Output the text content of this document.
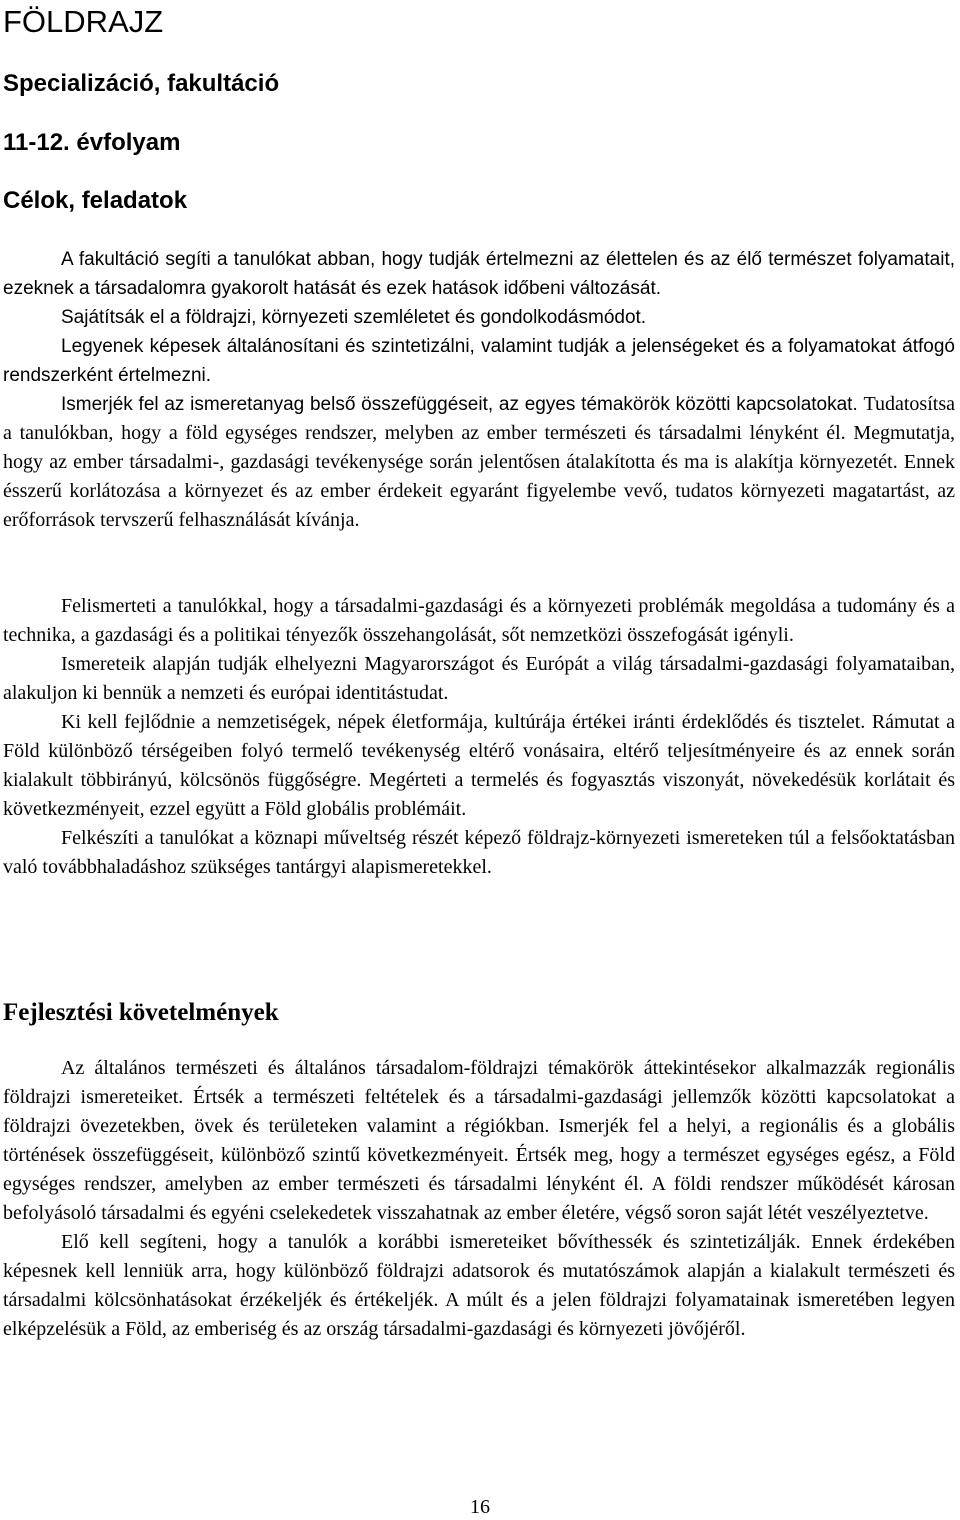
FÖLDRAJZ
Specializáció, fakultáció
11-12. évfolyam
Célok, feladatok

A fakultáció segíti a tanulókat abban, hogy tudják értelmezni az élettelen és az élő természet folyamatait, ezeknek a társadalomra gyakorolt hatását és ezek hatások időbeni változását.

Sajátítsák el a földrajzi, környezeti szemléletet és gondolkodásmódot.

Legyenek képesek általánosítani és szintetizálni, valamint tudják a jelenségeket és a folyamatokat átfogó rendszerként értelmezni.

Ismerjék fel az ismeretanyag belső összefüggéseit, az egyes témakörök közötti kapcsolatokat. Tudatosítsa a tanulókban, hogy a föld egységes rendszer, melyben az ember természeti és társadalmi lényként él. Megmutatja, hogy az ember társadalmi-, gazdasági tevékenysége során jelentősen átalakította és ma is alakítja környezetét. Ennek ésszerű korlátozása a környezet és az ember érdekeit egyaránt figyelembe vevő, tudatos környezeti magatartást, az erőforrások tervszerű felhasználását kívánja.

Felismerteti a tanulókkal, hogy a társadalmi-gazdasági és a környezeti problémák megoldása a tudomány és a technika, a gazdasági és a politikai tényezők összehangolását, sőt nemzetközi összefogását igényli.

Ismereteik alapján tudják elhelyezni Magyarországot és Európát a világ társadalmi-gazdasági folyamataiban, alakuljon ki bennük a nemzeti és európai identitástudat.

Ki kell fejlődnie a nemzetiségek, népek életformája, kultúrája értékei iránti érdeklődés és tisztelet. Rámutat a Föld különböző térségeiben folyó termelő tevékenység eltérő vonásaira, eltérő teljesítményeire és az ennek során kialakult többirányú, kölcsönös függőségre. Megérteti a termelés és fogyasztás viszonyát, növekedésük korlátait és következményeit, ezzel együtt a Föld globális problémáit.

Felkészíti a tanulókat a köznapi műveltség részét képező földrajz-környezeti ismereteken túl a felsőoktatásban való továbbhaladáshoz szükséges tantárgyi alapismeretekkel.

Fejlesztési követelmények

Az általános természeti és általános társadalom-földrajzi témakörök áttekintésekor alkalmazzák regionális földrajzi ismereteiket. Értsék a természeti feltételek és a társadalmi-gazdasági jellemzők közötti kapcsolatokat a földrajzi övezetekben, övek és területeken valamint a régiókban. Ismerjék fel a helyi, a regionális és a globális történések összefüggéseit, különböző szintű következményeit. Értsék meg, hogy a természet egységes egész, a Föld egységes rendszer, amelyben az ember természeti és társadalmi lényként él. A földi rendszer működését károsan befolyásoló társadalmi és egyéni cselekedetek visszahatnak az ember életére, végső soron saját létét veszélyeztetve.

Elő kell segíteni, hogy a tanulók a korábbi ismereteiket bővíthessék és szintetizálják. Ennek érdekében képesnek kell lenniük arra, hogy különböző földrajzi adatsorok és mutatószámok alapján a kialakult természeti és társadalmi kölcsönhatásokat érzékeljék és értékeljék. A múlt és a jelen földrajzi folyamatainak ismeretében legyen elképzelésük a Föld, az emberiség és az ország társadalmi-gazdasági és környezeti jövőjéről.

16
